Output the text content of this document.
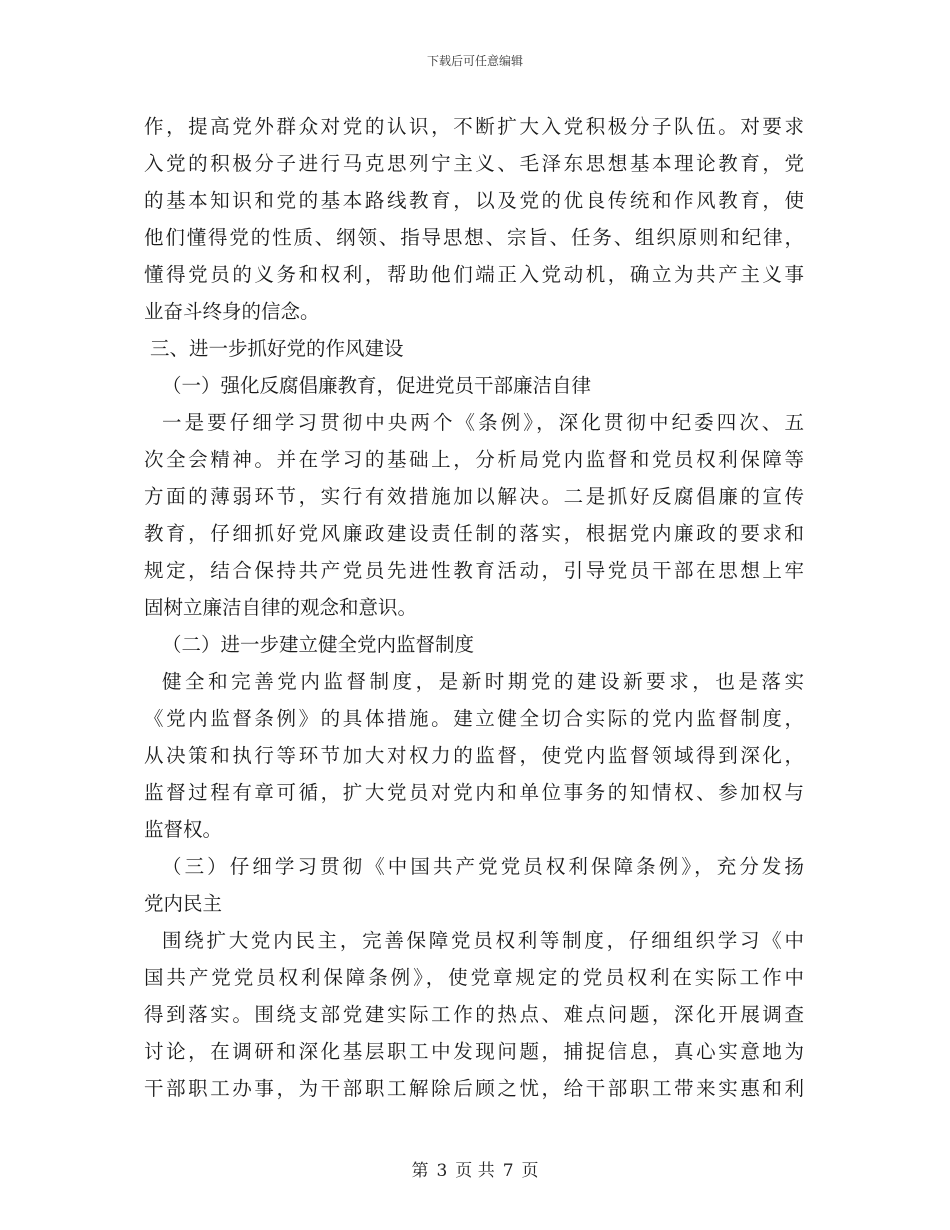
下载后可任意编辑
作，提高党外群众对党的认识，不断扩大入党积极分子队伍。对要求
入党的积极分子进行马克思列宁主义、毛泽东思想基本理论教育，党
的基本知识和党的基本路线教育，以及党的优良传统和作风教育，使
他们懂得党的性质、纲领、指导思想、宗旨、任务、组织原则和纪律，
懂得党员的义务和权利，帮助他们端正入党动机，确立为共产主义事
业奋斗终身的信念。
三、进一步抓好党的作风建设
（一）强化反腐倡廉教育，促进党员干部廉洁自律
一是要仔细学习贯彻中央两个《条例》，深化贯彻中纪委四次、五
次全会精神。并在学习的基础上，分析局党内监督和党员权利保障等
方面的薄弱环节，实行有效措施加以解决。二是抓好反腐倡廉的宣传
教育，仔细抓好党风廉政建设责任制的落实，根据党内廉政的要求和
规定，结合保持共产党员先进性教育活动，引导党员干部在思想上牢
固树立廉洁自律的观念和意识。
（二）进一步建立健全党内监督制度
健全和完善党内监督制度，是新时期党的建设新要求，也是落实
《党内监督条例》的具体措施。建立健全切合实际的党内监督制度，
从决策和执行等环节加大对权力的监督，使党内监督领域得到深化，
监督过程有章可循，扩大党员对党内和单位事务的知情权、参加权与
监督权。
（三）仔细学习贯彻《中国共产党党员权利保障条例》，充分发扬
党内民主
围绕扩大党内民主，完善保障党员权利等制度，仔细组织学习《中
国共产党党员权利保障条例》，使党章规定的党员权利在实际工作中
得到落实。围绕支部党建实际工作的热点、难点问题，深化开展调查
讨论，在调研和深化基层职工中发现问题，捕捉信息，真心实意地为
干部职工办事，为干部职工解除后顾之忧，给干部职工带来实惠和利
第 3 页 共 7 页
